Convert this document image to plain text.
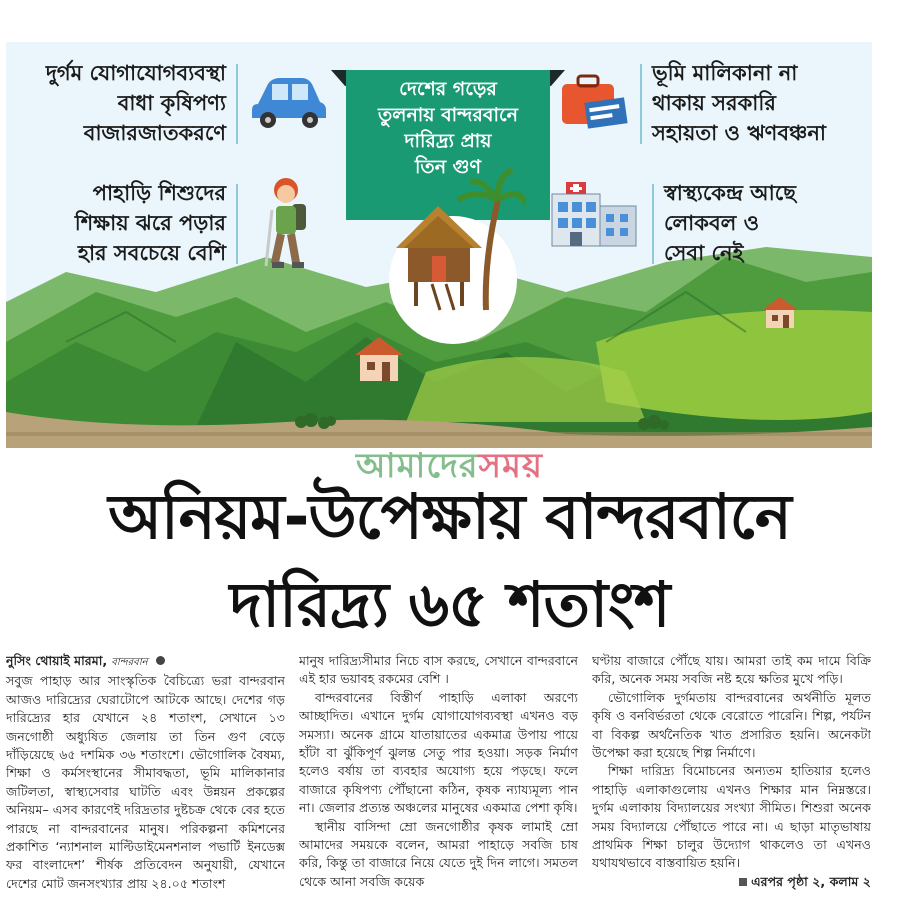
দুর্গম যোগাযোগব্যবস্থা
বাধা কৃষিপণ্য
বাজারজাতকরণে
পাহাড়ি শিশুদের
শিক্ষায় ঝরে পড়ার
হার সবচেয়ে বেশি
দেশের গড়ের
তুলনায় বান্দরবানে
দারিদ্র্য প্রায়
তিন গুণ
ভূমি মালিকানা না
থাকায় সরকারি
সহায়তা ও ঋণবঞ্চনা
স্বাস্থ্যকেন্দ্র আছে
লোকবল ও
সেবা নেই
আমাদেরসময়
অনিয়ম-উপেক্ষায় বান্দরবানে
দারিদ্র্য ৬৫ শতাংশ

নুসিং থোয়াই মারমা, বান্দরবান

সবুজ পাহাড় আর সাংস্কৃতিক বৈচিত্র্যে ভরা বান্দরবান আজও দারিদ্র্যের ঘেরাটোপে আটকে আছে। দেশের গড় দারিদ্র্যের হার যেখানে ২৪ শতাংশ, সেখানে ১৩ জনগোষ্ঠী অধ্যুষিত জেলায় তা তিন গুণ বেড়ে দাঁড়িয়েছে ৬৫ দশমিক ৩৬ শতাংশে। ভৌগোলিক বৈষম্য, শিক্ষা ও কর্মসংস্থানের সীমাবদ্ধতা, ভূমি মালিকানার জটিলতা, স্বাস্থ্যসেবার ঘাটতি এবং উন্নয়ন প্রকল্পের অনিয়ম– এসব কারণেই দরিদ্রতার দুষ্টচক্র থেকে বের হতে পারছে না বান্দরবানের মানুষ। পরিকল্পনা কমিশনের প্রকাশিত ‘ন্যাশনাল মাল্টিডাইমেনশনাল পভার্টি ইনডেক্স ফর বাংলাদেশ’ শীর্ষক প্রতিবেদন অনুযায়ী, যেখানে দেশের মোট জনসংখ্যার প্রায় ২৪.০৫ শতাংশ

মানুষ দারিদ্র্যসীমার নিচে বাস করছে, সেখানে বান্দরবানে এই হার ভয়াবহ রকমের বেশি ।

বান্দরবানের বিস্তীর্ণ পাহাড়ি এলাকা অরণ্যে আচ্ছাদিত। এখানে দুর্গম যোগাযোগব্যবস্থা এখনও বড় সমস্যা। অনেক গ্রামে যাতায়াতের একমাত্র উপায় পায়ে হাঁটা বা ঝুঁকিপূর্ণ ঝুলন্ত সেতু পার হওয়া। সড়ক নির্মাণ হলেও বর্ষায় তা ব্যবহার অযোগ্য হয়ে পড়ছে। ফলে বাজারে কৃষিপণ্য পৌঁছানো কঠিন, কৃষক ন্যায্যমূল্য পান না। জেলার প্রত্যন্ত অঞ্চলের মানুষের একমাত্র পেশা কৃষি।

স্থানীয় বাসিন্দা ম্রো জনগোষ্ঠীর কৃষক লামাই ম্রো আমাদের সময়কে বলেন, আমরা পাহাড়ে সবজি চাষ করি, কিন্তু তা বাজারে নিয়ে যেতে দুই দিন লাগে। সমতল থেকে আনা সবজি কয়েক

ঘণ্টায় বাজারে পৌঁছে যায়। আমরা তাই কম দামে বিক্রি করি, অনেক সময় সবজি নষ্ট হয়ে ক্ষতির মুখে পড়ি।

ভৌগোলিক দুর্গমতায় বান্দরবানের অর্থনীতি মূলত কৃষি ও বনবির্ভরতা থেকে বেরোতে পারেনি। শিল্প, পর্যটন বা বিকল্প অর্থনৈতিক খাত প্রসারিত হয়নি। অনেকটা উপেক্ষা করা হয়েছে শিল্প নির্মাণে।

শিক্ষা দারিদ্র্য বিমোচনের অন্যতম হাতিয়ার হলেও পাহাড়ি এলাকাগুলোয় এখনও শিক্ষার মান নিম্নস্তরে। দুর্গম এলাকায় বিদ্যালয়ের সংখ্যা সীমিত। শিশুরা অনেক সময় বিদ্যালয়ে পৌঁছাতে পারে না। এ ছাড়া মাতৃভাষায় প্রাথমিক শিক্ষা চালুর উদ্যোগ থাকলেও তা এখনও যথাযথভাবে বাস্তবায়িত হয়নি।

এরপর পৃষ্ঠা ২, কলাম ২
